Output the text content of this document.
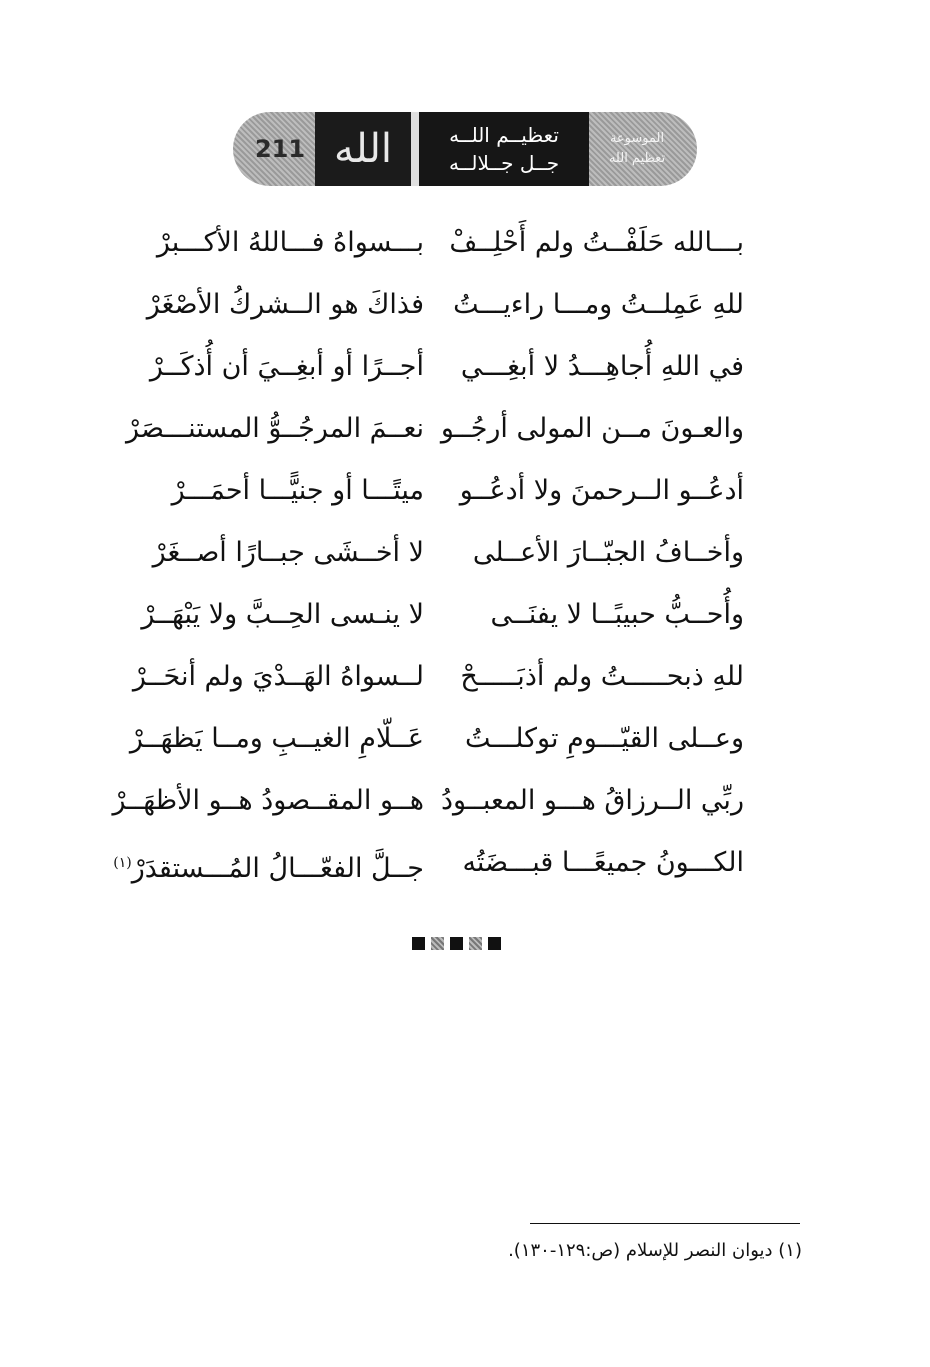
211 الله	تعظيــم اللــه
جــل جــلالــه
الموسوعة
تعظيم الله
بـــالله حَلَفْــتُ ولم أَحْلِــفْ
بـــسواهُ فـــاللهُ الأكـــبرْ
للهِ عَمِلــتُ ومـــا راءيـــتُ
فذاكَ هو الــشركُ الأصْغَرْ
في اللهِ أُجاهِـــدُ لا أبغِـــي
أجــرًا أو أبغِــيَ أن أُذكَــرْ
والعـونَ مــن المولى أرجُــو
نعــمَ المرجُــوُّ المستنـــصَرْ
أدعُــو الــرحمنَ ولا أدعُــو
ميتًـــا أو جنيًّـــا أحمَـــرْ
وأخــافُ الجبّــارَ الأعــلى
لا أخــشَى جبــارًا أصــغَرْ
وأُحــبُّ حبيبًــا لا يفنَــى
لا ينـسى الحِــبَّ ولا يَبْهَــرْ
للهِ ذبحـــــتُ ولم أذبَـــــحْ
لــسواهُ الهَــدْيَ ولم أنحَــرْ
وعــلى القيّـــومِ توكلـــتُ
عَــلّامِ الغيــبِ ومــا يَظهَــرْ
ربِّي الــرزاقُ هـــو المعبــودُ
هــو المقــصودُ هــو الأظهَــرْ
الكـــونُ جميعًـــا قبـــضَتُه
جــلَّ الفعّـــالُ المُـــستقدَرْ$^{(١)}$
(١) ديوان النصر للإسلام (ص:١٢٩-١٣٠).
